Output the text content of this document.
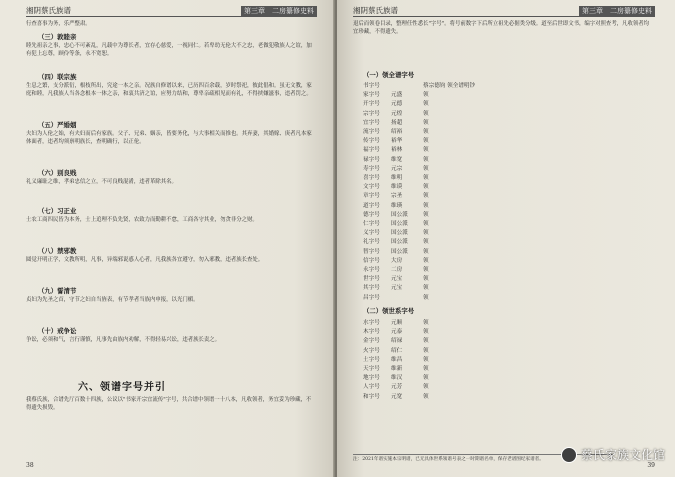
湘阴蔡氏族谱	第三章　二房纂修史料
行查喜事为务，乐严整肃。
（三）敦睦亲
睦先祖亲之事，忠心不可紊乱，凡载中为尊长者，宜存心慈爱，一视同仁。若卑幼无伦大不之忠，老做犯敬族人之谊，加有犯上忘尊，顾伶等条，永不宽恕。
（四）联宗族
生息之繁，支分派衍，根枝所出，究途一本之亲。况族自修谱以来，已历四百余载，岁时祭祀，彼此倡和。虽无文教，家庭和睦，凡我族人当各念根本一体之亲，和衷共济之谊，应努力结和，尊卑亲疏相见而有礼，不得挟嫌滋事，违者罚之。
（五）严婚姻
夫妇为人伦之始，有夫妇而后有家族。父子、兄弟、姻亲，皆要务化，与大事相关而推也。其弃妻，其婚嫁、庚者凡本家体面者，违者均须禀明族长，查明确行，以正伦。
（六）别良贱
礼义廉耻之维，孝弟忠信之立，不可良贱混淆，违者革除其名。
（七）习正业
士农工商四民皆为本务，士上追理不负先贤，农致力而勤耕不怠，工商各守其业，勿贪非分之财。
（八）禁邪教
圆觉开明正学，文教所明，凡事，异端邪说惑人心者，凡我族各宜遵守，勿入邪教，违者族长查处。
（九）誓清节
贞妇为先圣之首，守节之妇自当旌表，有节孝者当族内申报，以光门楣。
（十）戒争讼
争讼，必须和气，言行谨慎，凡事先由族内劝解，不得轻易兴讼，违者族长责之。
六、领谱字号并引
我蔡氏族，合谱先厅百数十四族，公议以"书家开宗宜流传"字号，共合谱中领谱一十八本，凡收领者，务宜妥为珍藏，不得遗失损毁。
38
湘阴蔡氏族谱	第三章　二房纂修史料
退后而领卷目录，整理任性悉长"字号"。将号前数字下后所立祖先必据类分级。道至后世即文书，编字对照查考，凡收领者均宜珍藏，不得遗失。
（一）领全谱字号
书字号	蔡宗德钧 领全谱明钞
家字号 元盛	领
开字号 元德	领
宗字号 元煌	领
宜字号 扬超	领
流字号 绍裕	领
传字号 裕华	领
福字号 裕林	领
禄字号 维宽	领
寿字号 元宗	领
喜字号 维明	领
文字号 维谟	领
章字号 宗圣	领
道字号 维瑛	领
德字号 国公派	领
仁字号 国公派	领
义字号 国公派	领
礼字号 国公派	领
智字号 国公派	领
信字号 大房	领
永字号 二房	领
世字号 元宝	领
其字号 元宝	领
昌字号	领
（二）领世系字号
水字号 元顺	领
木字号 元泰	领
金字号 绍禄	领
火字号 绍仁	领
土字号 维昌	领
天字号 维新	领
地字号 维汉	领
人字号 元芳	领
和字号 元宽	领
注：2021年谱实施本宗明谱，已无具体世系领谱号表之一时期谱名单，保存老谱图纪家谱者。
39
蔡氏家族文化馆
